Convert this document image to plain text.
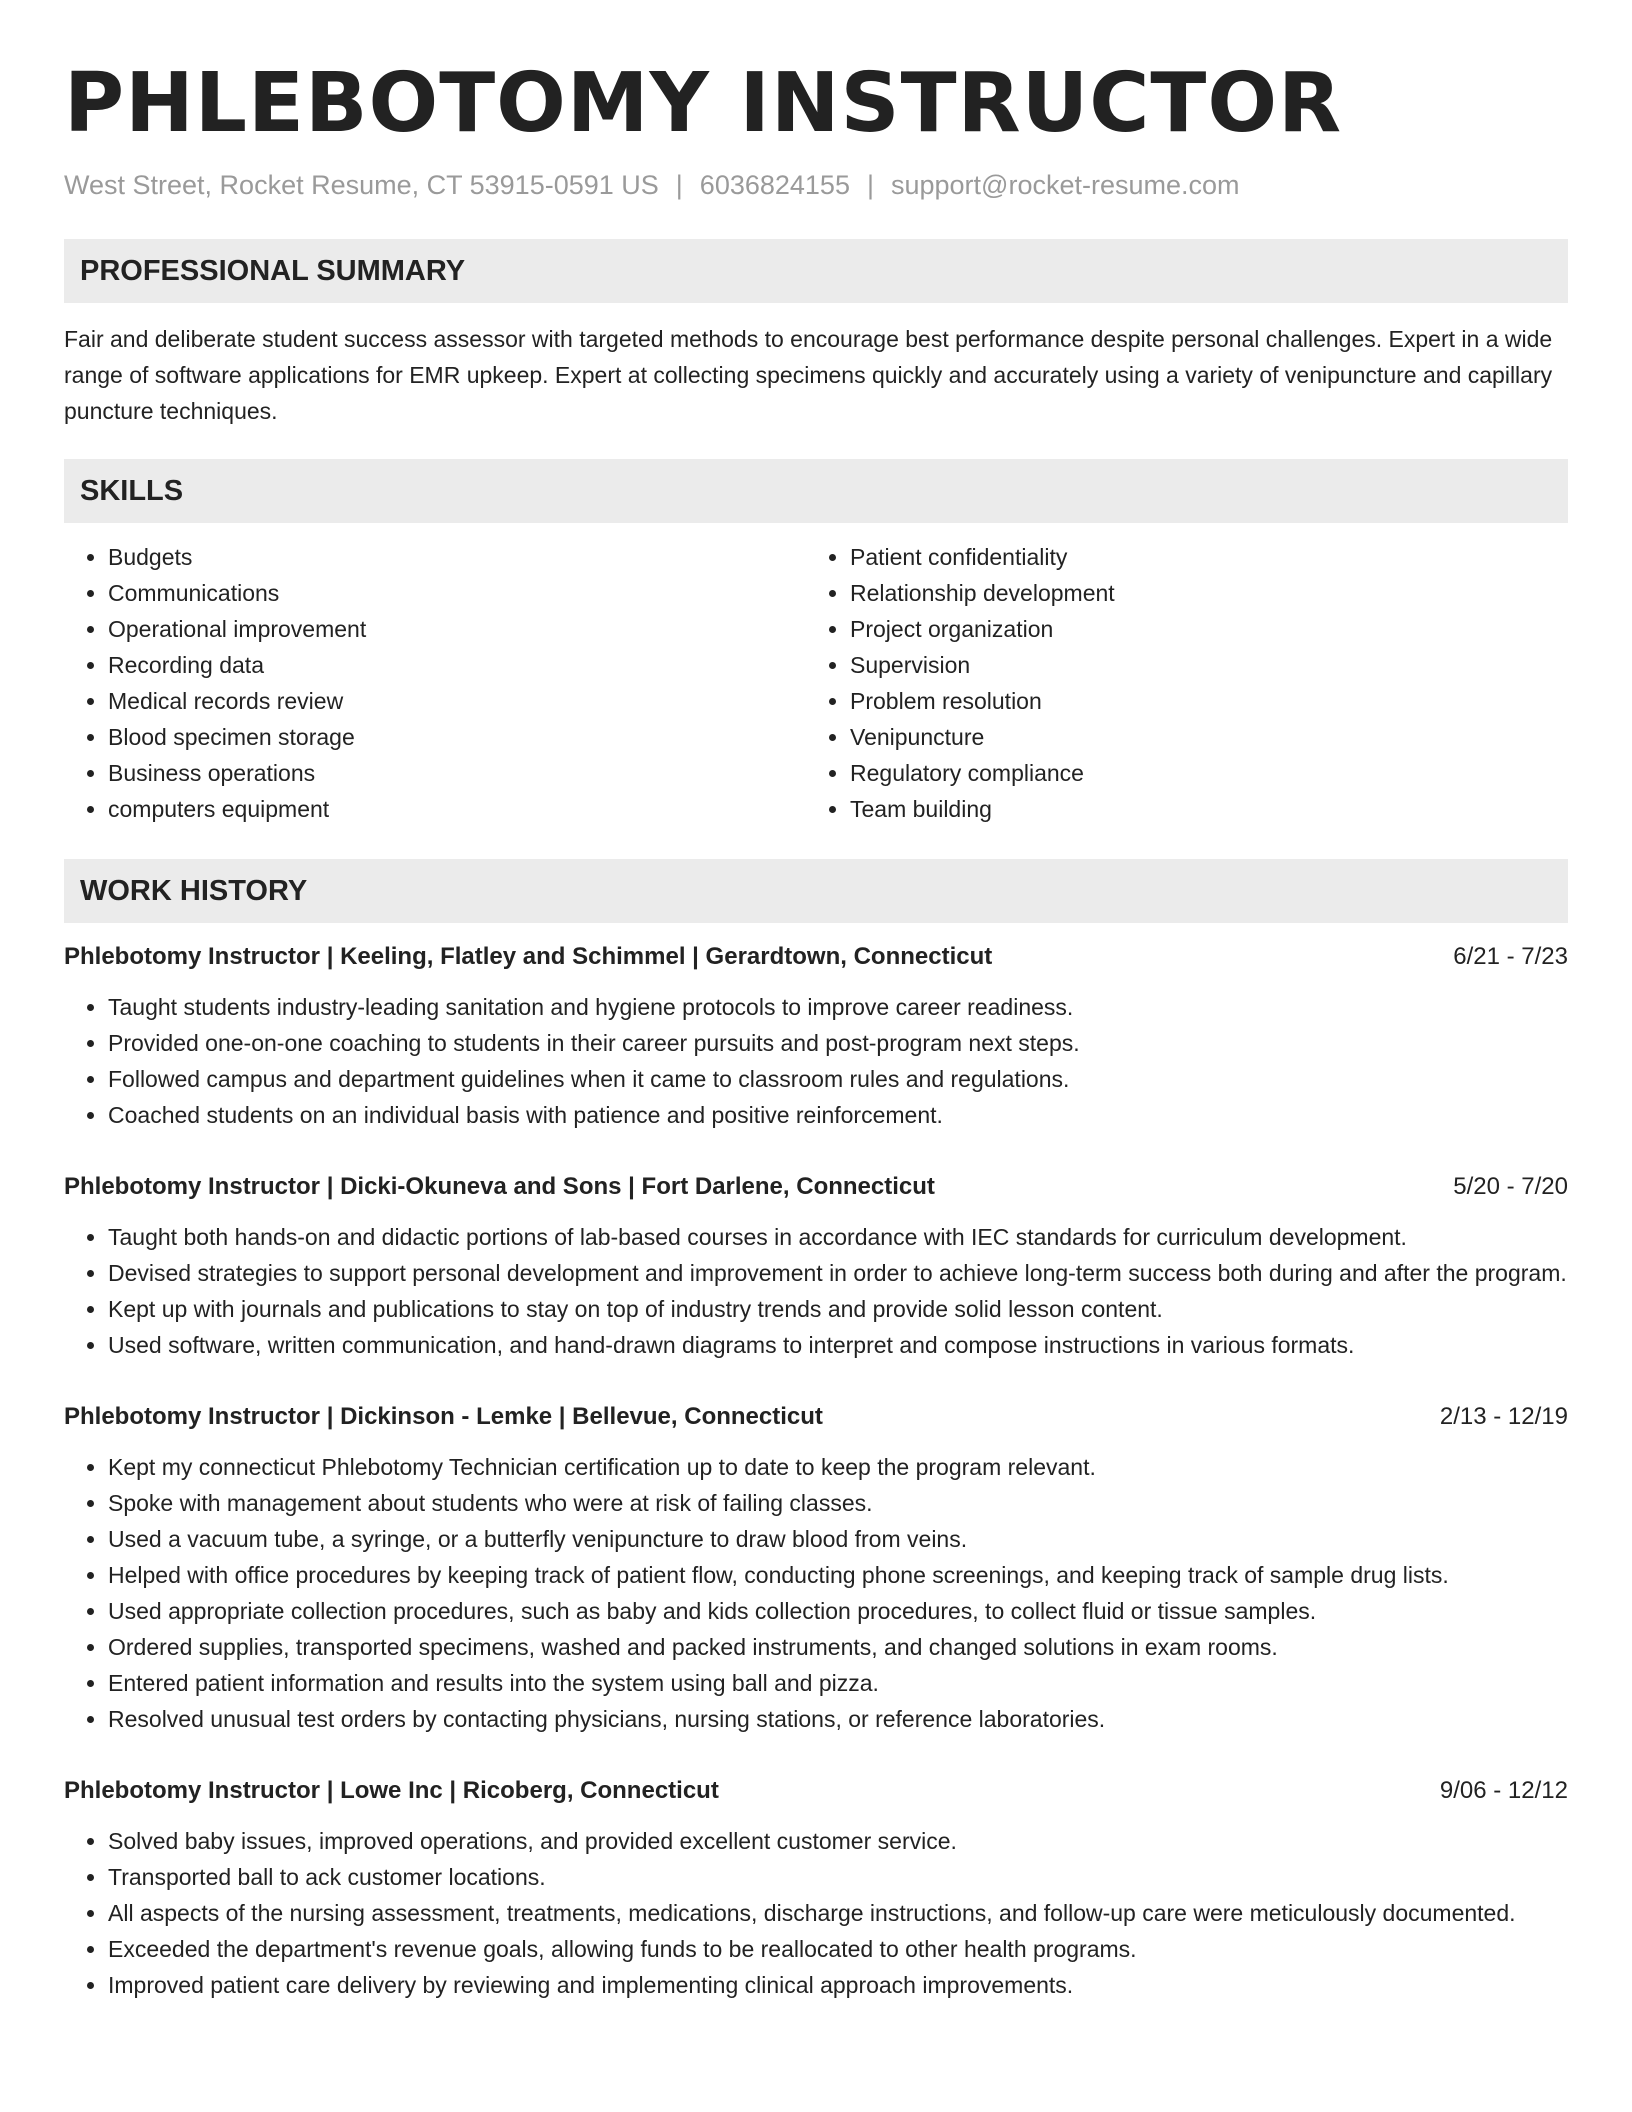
PHLEBOTOMY INSTRUCTOR
West Street, Rocket Resume, CT 53915-0591 US | 6036824155 | support@rocket-resume.com
PROFESSIONAL SUMMARY

Fair and deliberate student success assessor with targeted methods to encourage best performance despite personal challenges. Expert in a wide range of software applications for EMR upkeep. Expert at collecting specimens quickly and accurately using a variety of venipuncture and capillary puncture techniques.

SKILLS
• Budgets
• Communications
• Operational improvement
• Recording data
• Medical records review
• Blood specimen storage
• Business operations
• computers equipment
• Patient confidentiality
• Relationship development
• Project organization
• Supervision
• Problem resolution
• Venipuncture
• Regulatory compliance
• Team building
WORK HISTORY
Phlebotomy Instructor | Keeling, Flatley and Schimmel | Gerardtown, Connecticut	6/21 - 7/23
• Taught students industry-leading sanitation and hygiene protocols to improve career readiness.
• Provided one-on-one coaching to students in their career pursuits and post-program next steps.
• Followed campus and department guidelines when it came to classroom rules and regulations.
• Coached students on an individual basis with patience and positive reinforcement.
Phlebotomy Instructor | Dicki-Okuneva and Sons | Fort Darlene, Connecticut	5/20 - 7/20
• Taught both hands-on and didactic portions of lab-based courses in accordance with IEC standards for curriculum development.
• Devised strategies to support personal development and improvement in order to achieve long-term success both during and after the program.
• Kept up with journals and publications to stay on top of industry trends and provide solid lesson content.
• Used software, written communication, and hand-drawn diagrams to interpret and compose instructions in various formats.
Phlebotomy Instructor | Dickinson - Lemke | Bellevue, Connecticut	2/13 - 12/19
• Kept my connecticut Phlebotomy Technician certification up to date to keep the program relevant.
• Spoke with management about students who were at risk of failing classes.
• Used a vacuum tube, a syringe, or a butterfly venipuncture to draw blood from veins.
• Helped with office procedures by keeping track of patient flow, conducting phone screenings, and keeping track of sample drug lists.
• Used appropriate collection procedures, such as baby and kids collection procedures, to collect fluid or tissue samples.
• Ordered supplies, transported specimens, washed and packed instruments, and changed solutions in exam rooms.
• Entered patient information and results into the system using ball and pizza.
• Resolved unusual test orders by contacting physicians, nursing stations, or reference laboratories.
Phlebotomy Instructor | Lowe Inc | Ricoberg, Connecticut	9/06 - 12/12
• Solved baby issues, improved operations, and provided excellent customer service.
• Transported ball to ack customer locations.
• All aspects of the nursing assessment, treatments, medications, discharge instructions, and follow-up care were meticulously documented.
• Exceeded the department's revenue goals, allowing funds to be reallocated to other health programs.
• Improved patient care delivery by reviewing and implementing clinical approach improvements.
